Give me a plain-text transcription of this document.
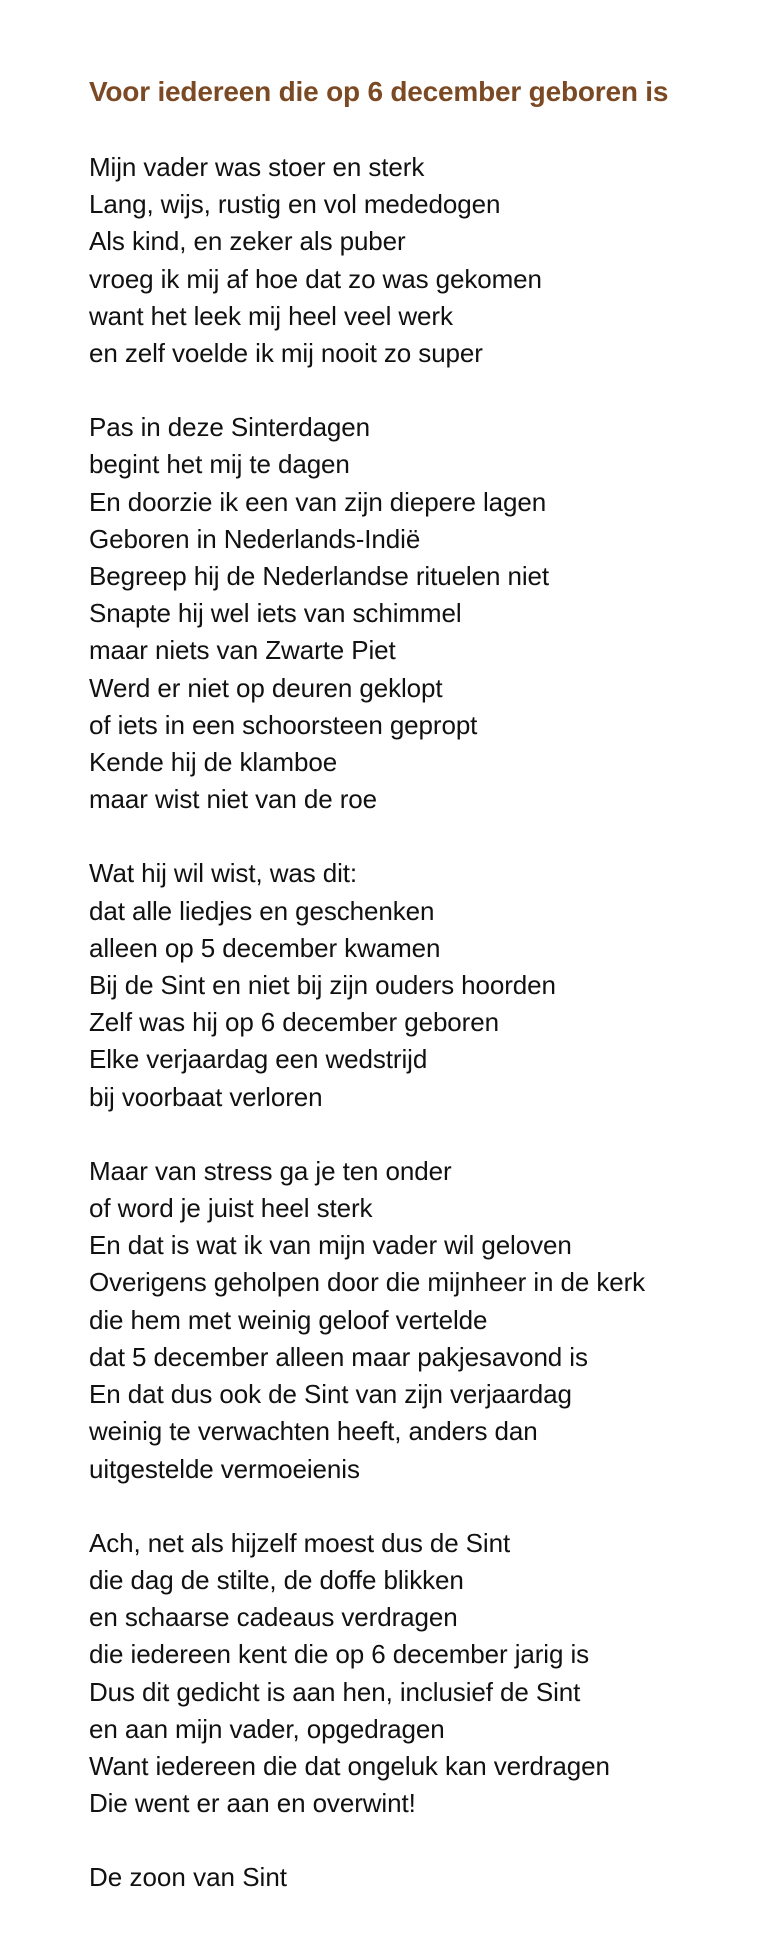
Voor iedereen die op 6 december geboren is
Mijn vader was stoer en sterk
Lang, wijs, rustig en vol mededogen
Als kind, en zeker als puber
vroeg ik mij af hoe dat zo was gekomen
want het leek mij heel veel werk
en zelf voelde ik mij nooit zo super
Pas in deze Sinterdagen
begint het mij te dagen
En doorzie ik een van zijn diepere lagen
Geboren in Nederlands-Indië
Begreep hij de Nederlandse rituelen niet
Snapte hij wel iets van schimmel
maar niets van Zwarte Piet
Werd er niet op deuren geklopt
of iets in een schoorsteen gepropt
Kende hij de klamboe
maar wist niet van de roe
Wat hij wil wist, was dit:
dat alle liedjes en geschenken
alleen op 5 december kwamen
Bij de Sint en niet bij zijn ouders hoorden
Zelf was hij op 6 december geboren
Elke verjaardag een wedstrijd
bij voorbaat verloren
Maar van stress ga je ten onder
of word je juist heel sterk
En dat is wat ik van mijn vader wil geloven
Overigens geholpen door die mijnheer in de kerk
die hem met weinig geloof vertelde
dat 5 december alleen maar pakjesavond is
En dat dus ook de Sint van zijn verjaardag
weinig te verwachten heeft, anders dan
uitgestelde vermoeienis
Ach, net als hijzelf moest dus de Sint
die dag de stilte, de doffe blikken
en schaarse cadeaus verdragen
die iedereen kent die op 6 december jarig is
Dus dit gedicht is aan hen, inclusief de Sint
en aan mijn vader, opgedragen
Want iedereen die dat ongeluk kan verdragen
Die went er aan en overwint!
De zoon van Sint
